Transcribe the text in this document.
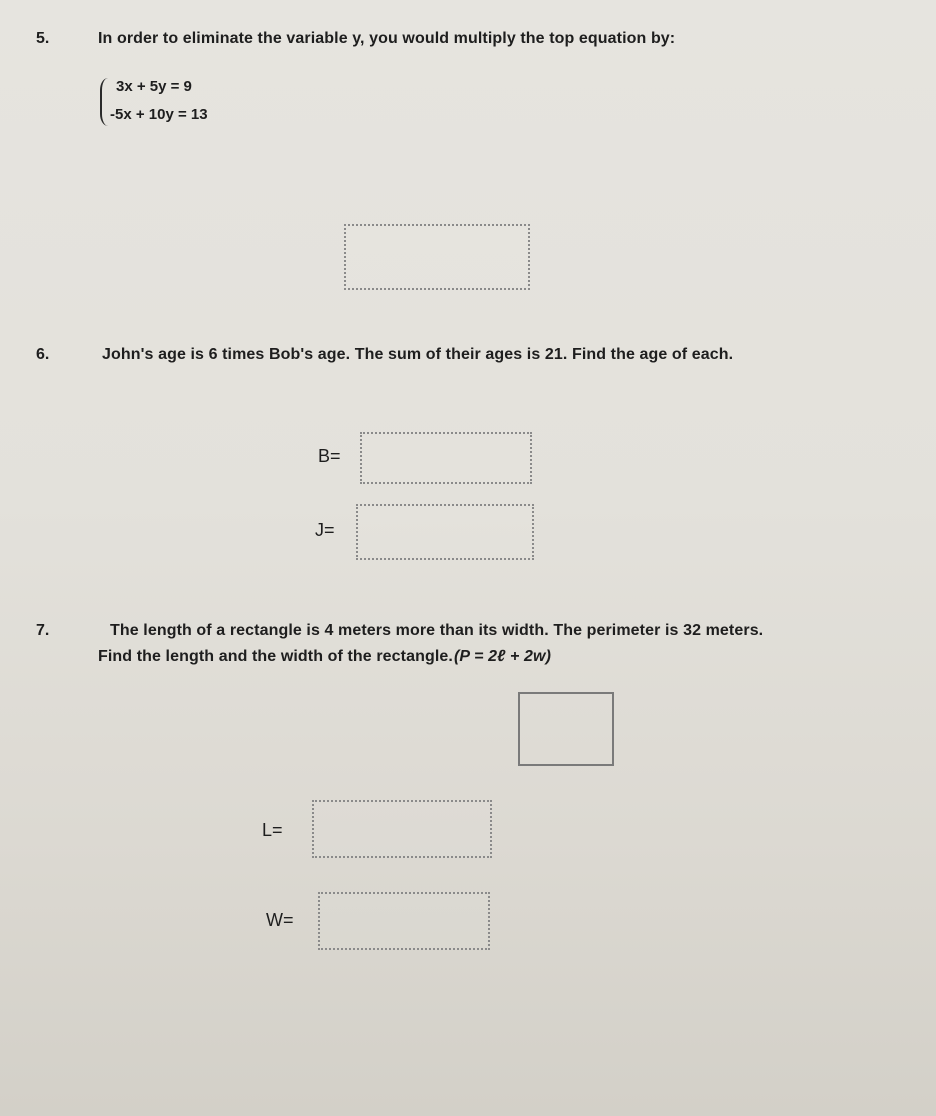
5.	In order to eliminate the variable y, you would multiply the top equation by:
3x + 5y = 9
-5x + 10y = 13
6.	John's age is 6 times Bob's age. The sum of their ages is 21. Find the age of each.
B=
J=
7.	The length of a rectangle is 4 meters more than its width. The perimeter is 32 meters.
Find the length and the width of the rectangle. (P = 2ℓ + 2w)
L=
W=
